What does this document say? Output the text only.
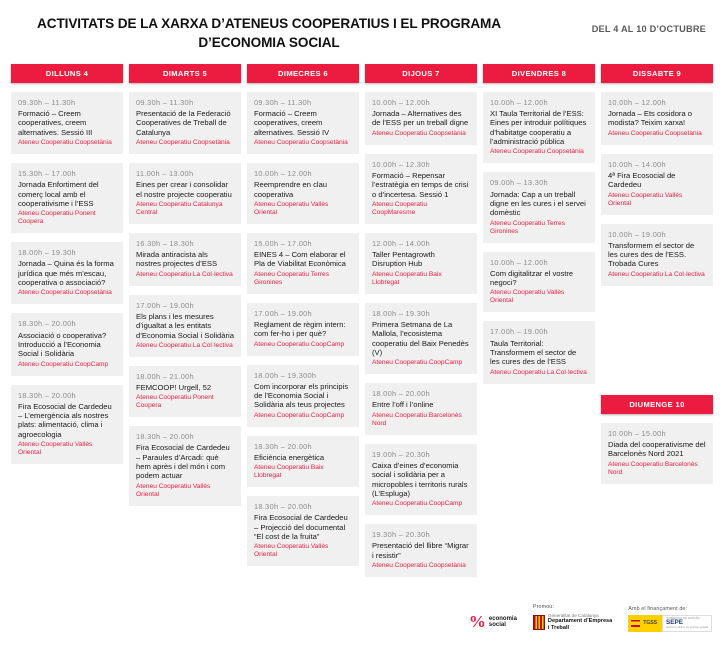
ACTIVITATS DE LA XARXA D’ATENEUS COOPERATIUS I EL PROGRAMA D’ECONOMIA SOCIAL
DEL 4 AL 10 D’OCTUBRE
DILLUNS 4
09.30h – 11.30h
Formació – Creem cooperatives, creem alternatives. Sessió III
Ateneu Cooperatiu Coopsetània
15.30h – 17.00h
Jornada Enfortiment del comerç local amb el cooperativisme i l’ESS
Ateneu Cooperatiu Ponent Coopera
18.00h – 19.30h
Jornada – Quina és la forma jurídica que més m’escau, cooperativa o associació?
Ateneu Cooperatiu Coopsetània
18.30h – 20.00h
Associació o cooperativa? Introducció a l’Economia Social i Solidària
Ateneu Cooperatiu CoopCamp
18.30h – 20.00h
Fira Ecosocial de Cardedeu – L’emergència als nostres plats: alimentació, clima i agroecologia
Ateneu Cooperatiu Vallès Oriental
DIMARTS 5
09.30h – 11.30h
Presentació de la Federació Cooperatives de Treball de Catalunya
Ateneu Cooperatiu Coopsetània
11.00h – 13.00h
Eines per crear i consolidar el nostre projecte cooperatiu
Ateneu Cooperatiu Catalunya Central
16.30h – 18.30h
Mirada antiracista als nostres projectes d’ESS
Ateneu Cooperatiu La Col·lectiva
17.00h – 19.00h
Els plans i les mesures d’igualtat a les entitats d’Economia Social i Solidària
Ateneu Cooperatiu La Col·lectiva
18.00h – 21.00h
FEMCOOP! Urgell, 52
Ateneu Cooperatiu Ponent Coopera
18.30h – 20.00h
Fira Ecosocial de Cardedeu – Paraules d’Arcadi: què hem après i del món i com podem actuar
Ateneu Cooperatiu Vallès Oriental
DIMECRES 6
09.30h – 11.30h
Formació – Creem cooperatives, creem alternatives. Sessió IV
Ateneu Cooperatiu Coopsetània
10.00h – 12.00h
Reemprendre en clau cooperativa
Ateneu Cooperatiu Vallès Oriental
15.00h – 17.00h
EINES 4 – Com elaborar el Pla de Viabilitat Econòmica
Ateneu Cooperatiu Terres Gironines
17.00h – 19.00h
Reglament de règim intern: com fer-ho i per què?
Ateneu Cooperatiu CoopCamp
18.00h – 19.300h
Com incorporar els principis de l’Economia Social i Solidària als teus projectes
Ateneu Cooperatiu CoopCamp
18.30h – 20.00h
Eficiència energètica
Ateneu Cooperatiu Baix Llobregat
18.30h – 20.00h
Fira Ecosocial de Cardedeu – Projecció del documental “El cost de la fruita”
Ateneu Cooperatiu Vallès Oriental
DIJOUS 7
10.00h – 12.00h
Jornada – Alternatives des de l’ESS per un treball digne
Ateneu Cooperatiu Coopsetània
10.00h – 12.30h
Formació – Repensar l’estratègia en temps de crisi o d’incertesa. Sessió 1
Ateneu Cooperatiu CoopMaresme
12.00h – 14.00h
Taller Pentagrowth Disruption Hub
Ateneu Cooperatiu Baix Llobregat
18.00h – 19.30h
Primera Setmana de La Mallola, l’ecosistema cooperatiu del Baix Penedès (V)
Ateneu Cooperatiu CoopCamp
18.00h – 20.00h
Entre l’off i l’online
Ateneu Cooperatiu Barcelonès Nord
19.00h – 20.30h
Caixa d’eines d’economia social i solidària per a micropobles i territoris rurals (L’Espluga)
Ateneu Cooperatiu CoopCamp
19.30h – 20.30h
Presentació del llibre “Migrar i resistir”
Ateneu Cooperatiu Coopsetània
DIVENDRES 8
10.00h – 12.00h
XI Taula Territorial de l’ESS: Eines per introduir polítiques d’habitatge cooperatiu a l’administració pública
Ateneu Cooperatiu Coopsetània
09.00h – 13.30h
Jornada: Cap a un treball digne en les cures i el servei domèstic
Ateneu Cooperatiu Terres Gironines
10.00h – 12.00h
Com digitalitzar el vostre negoci?
Ateneu Cooperatiu Vallès Oriental
17.00h – 19.00h
Taula Territorial: Transformem el sector de les cures des de l’ESS
Ateneu Cooperatiu La Col·lectiva
DISSABTE 9
10.00h – 12.00h
Jornada – Ets cosidora o modista? Teixim xarxa!
Ateneu Cooperatiu Coopsetània
10.00h – 14.00h
4ª Fira Ecosocial de Cardedeu
Ateneu Cooperatiu Vallès Oriental
10.00h – 19.00h
Transformem el sector de les cures des de l’ESS. Trobada Cures
Ateneu Cooperatiu La Col·lectiva
DIUMENGE 10
10.00h – 15.00h
Diada del cooperativisme del Barcelonès Nord 2021
Ateneu Cooperatiu Barcelonès Nord
% economia
social
Promou:
Generalitat de Catalunya
Departament d’Empresa
i Treball
Amb el finançament de:
TGSS
GOBIERNO DE ESPAÑA
SEPE
servicio público de empleo estatal
